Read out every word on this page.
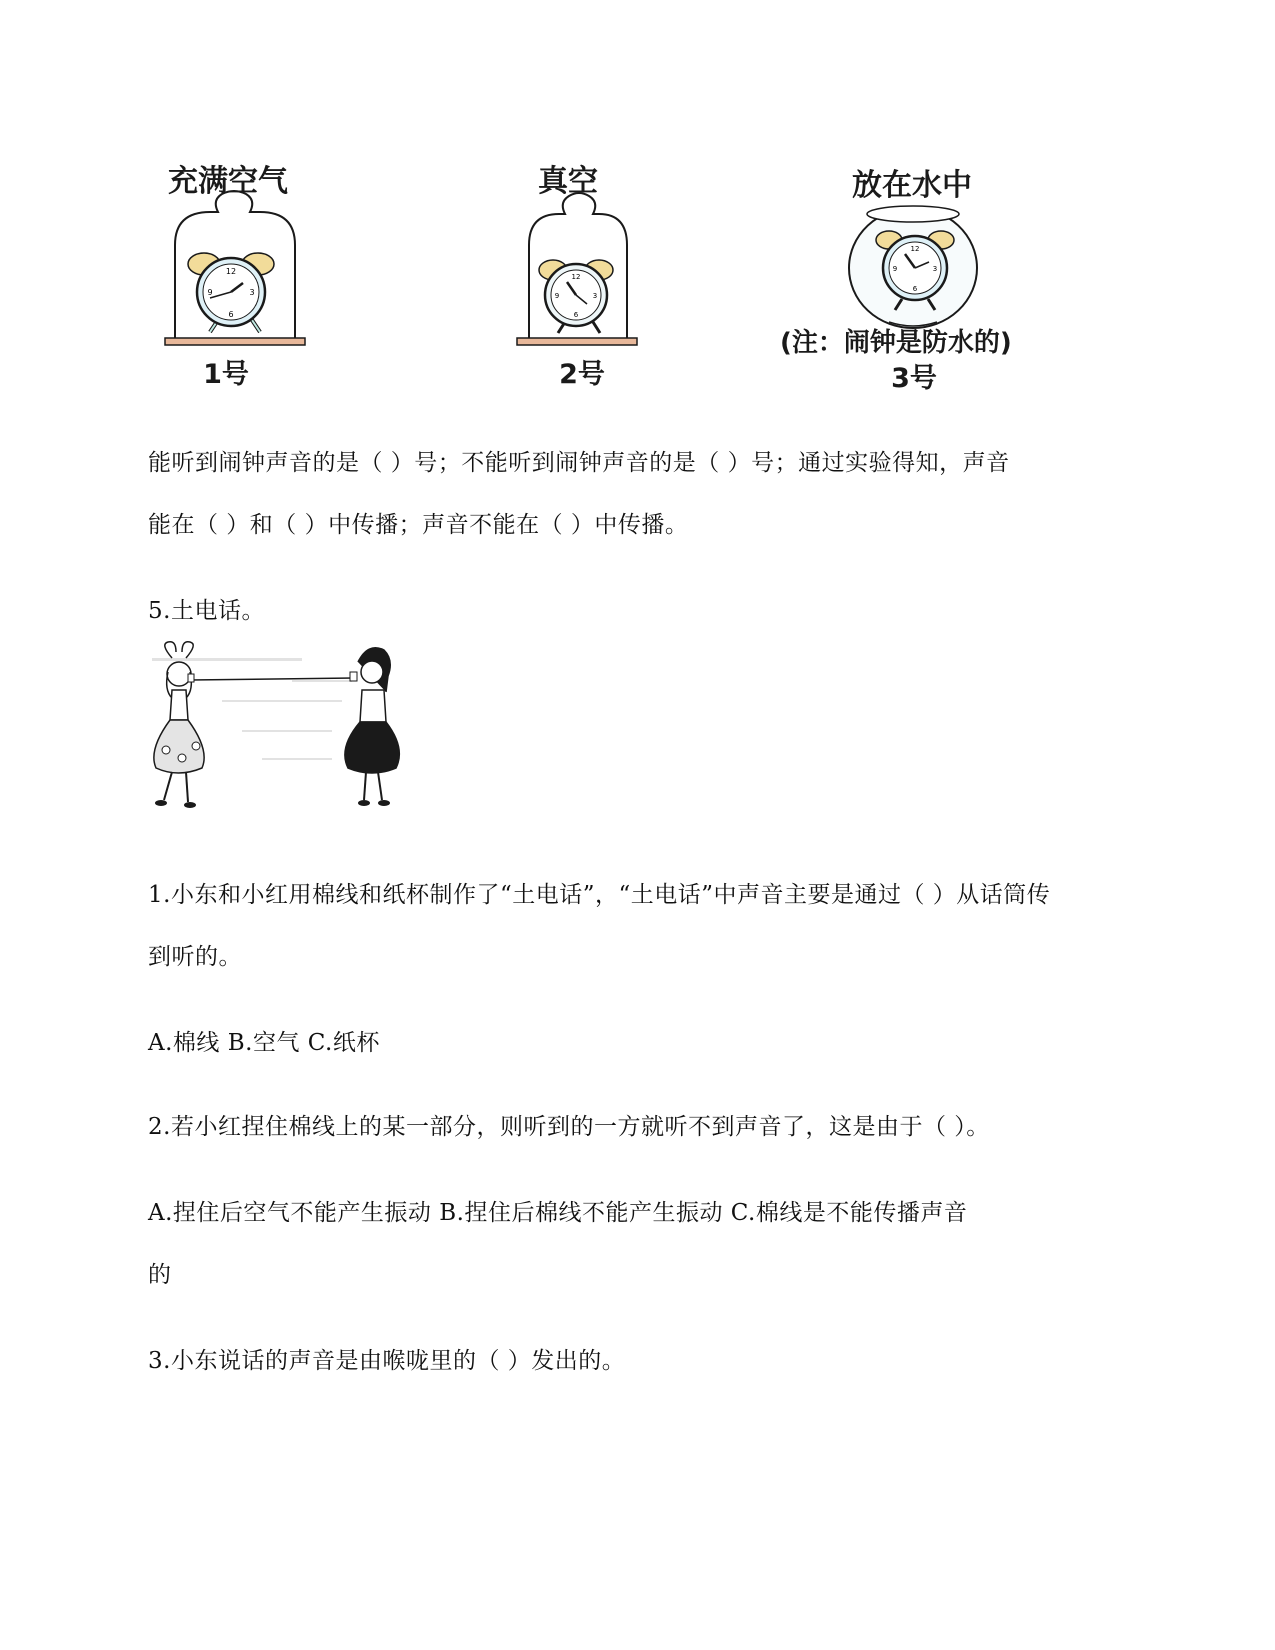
充满空气	真空	放在水中
12
3
6
9
12
3
6
9
12
3
6
9
1号	2号
(注：闹钟是防水的)
3号
能听到闹钟声音的是（ ）号；不能听到闹钟声音的是（ ）号；通过实验得知，声音
能在（ ）和（ ）中传播；声音不能在（ ）中传播。
5.土电话。
1.小东和小红用棉线和纸杯制作了“土电话”，“土电话”中声音主要是通过（ ）从话筒传
到听的。
A.棉线 B.空气 C.纸杯
2.若小红捏住棉线上的某一部分，则听到的一方就听不到声音了，这是由于（ ）。
A.捏住后空气不能产生振动 B.捏住后棉线不能产生振动 C.棉线是不能传播声音
的
3.小东说话的声音是由喉咙里的（ ）发出的。
